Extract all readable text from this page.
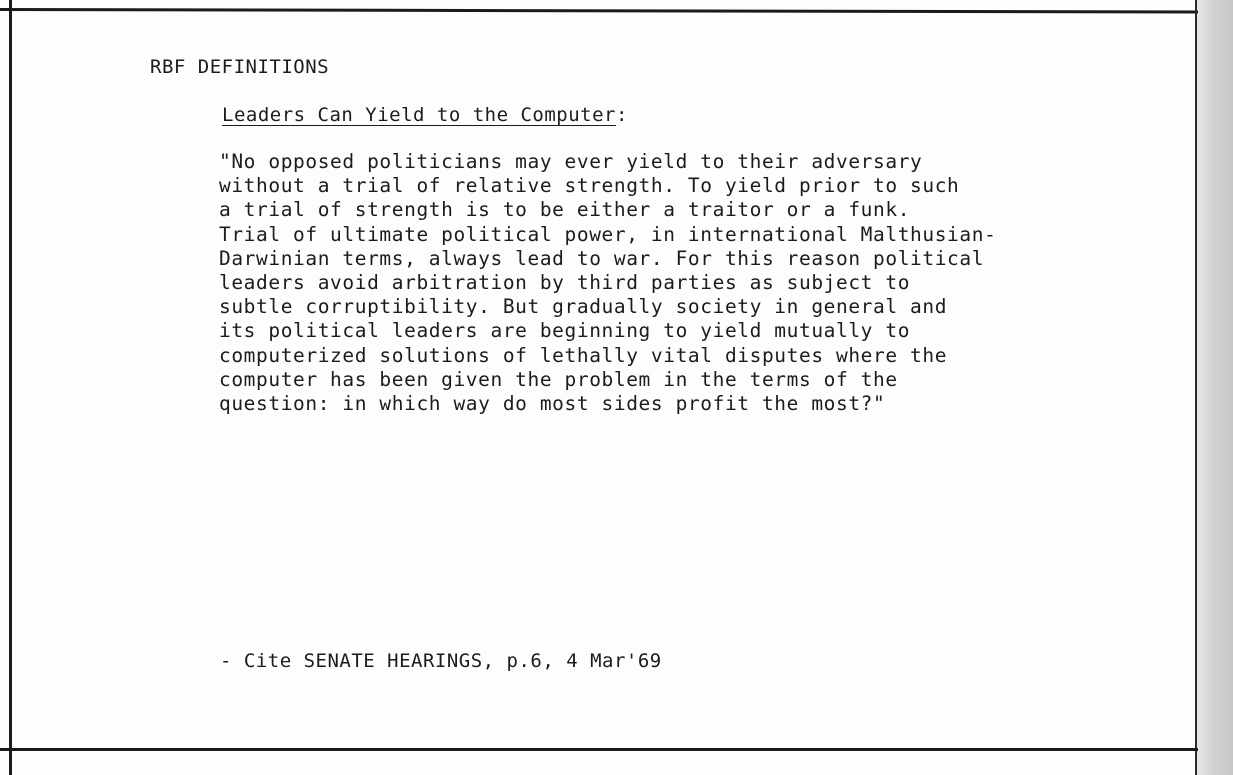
RBF DEFINITIONS
Leaders Can Yield to the Computer:

"No opposed politicians may ever yield to their adversary
without a trial of relative strength. To yield prior to such
a trial of strength is to be either a traitor or a funk.
Trial of ultimate political power, in international Malthusian-
Darwinian terms, always lead to war. For this reason political
leaders avoid arbitration by third parties as subject to
subtle corruptibility. But gradually society in general and
its political leaders are beginning to yield mutually to
computerized solutions of lethally vital disputes where the
computer has been given the problem in the terms of the
question: in which way do most sides profit the most?"

- Cite SENATE HEARINGS, p.6, 4 Mar'69
